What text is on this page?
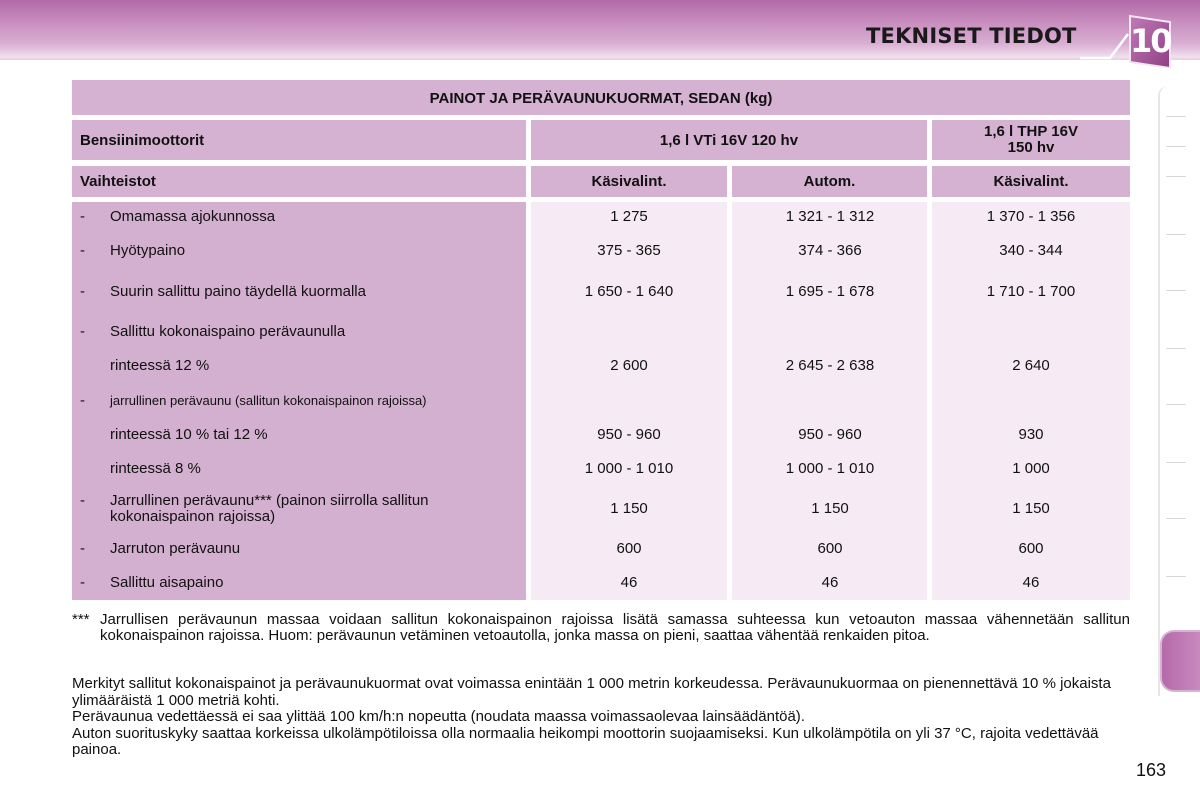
TEKNISET TIEDOT 10
PAINOT JA PERÄVAUNUKUORMAT, SEDAN (kg)
Bensiinimoottorit	1,6 l VTi 16V 120 hv	1,6 l THP 16V
150 hv
Vaihteistot	Käsivalint.	Autom.	Käsivalint.
- Omamassa ajokunnossa	1 275	1 321 - 1 312	1 370 - 1 356
- Hyötypaino	375 - 365	374 - 366	340 - 344
- Suurin sallittu paino täydellä kuormalla	1 650 - 1 640	1 695 - 1 678	1 710 - 1 700
- Sallittu kokonaispaino perävaunulla
rinteessä 12 %	2 600	2 645 - 2 638	2 640
- jarrullinen perävaunu (sallitun kokonaispainon rajoissa)
rinteessä 10 % tai 12 %	950 - 960	950 - 960	930
rinteessä 8 %	1 000 - 1 010	1 000 - 1 010	1 000
- Jarrullinen perävaunu*** (painon siirrolla sallitun
kokonaispainon rajoissa)	1 150	1 150	1 150
- Jarruton perävaunu	600	600	600
- Sallittu aisapaino	46	46	46
*** Jarrullisen perävaunun massaa voidaan sallitun kokonaispainon rajoissa lisätä samassa suhteessa kun vetoauton massaa vähennetään sallitun kokonaispainon rajoissa. Huom: perävaunun vetäminen vetoautolla, jonka massa on pieni, saattaa vähentää renkaiden pitoa.

Merkityt sallitut kokonaispainot ja perävaunukuormat ovat voimassa enintään 1 000 metrin korkeudessa. Perävaunukuormaa on pienennettävä 10 % jokaista ylimääräistä 1 000 metriä kohti.

Perävaunua vedettäessä ei saa ylittää 100 km/h:n nopeutta (noudata maassa voimassaolevaa lainsäädäntöä).

Auton suorituskyky saattaa korkeissa ulkolämpötiloissa olla normaalia heikompi moottorin suojaamiseksi. Kun ulkolämpötila on yli 37 °C, rajoita vedettävää painoa.

163
